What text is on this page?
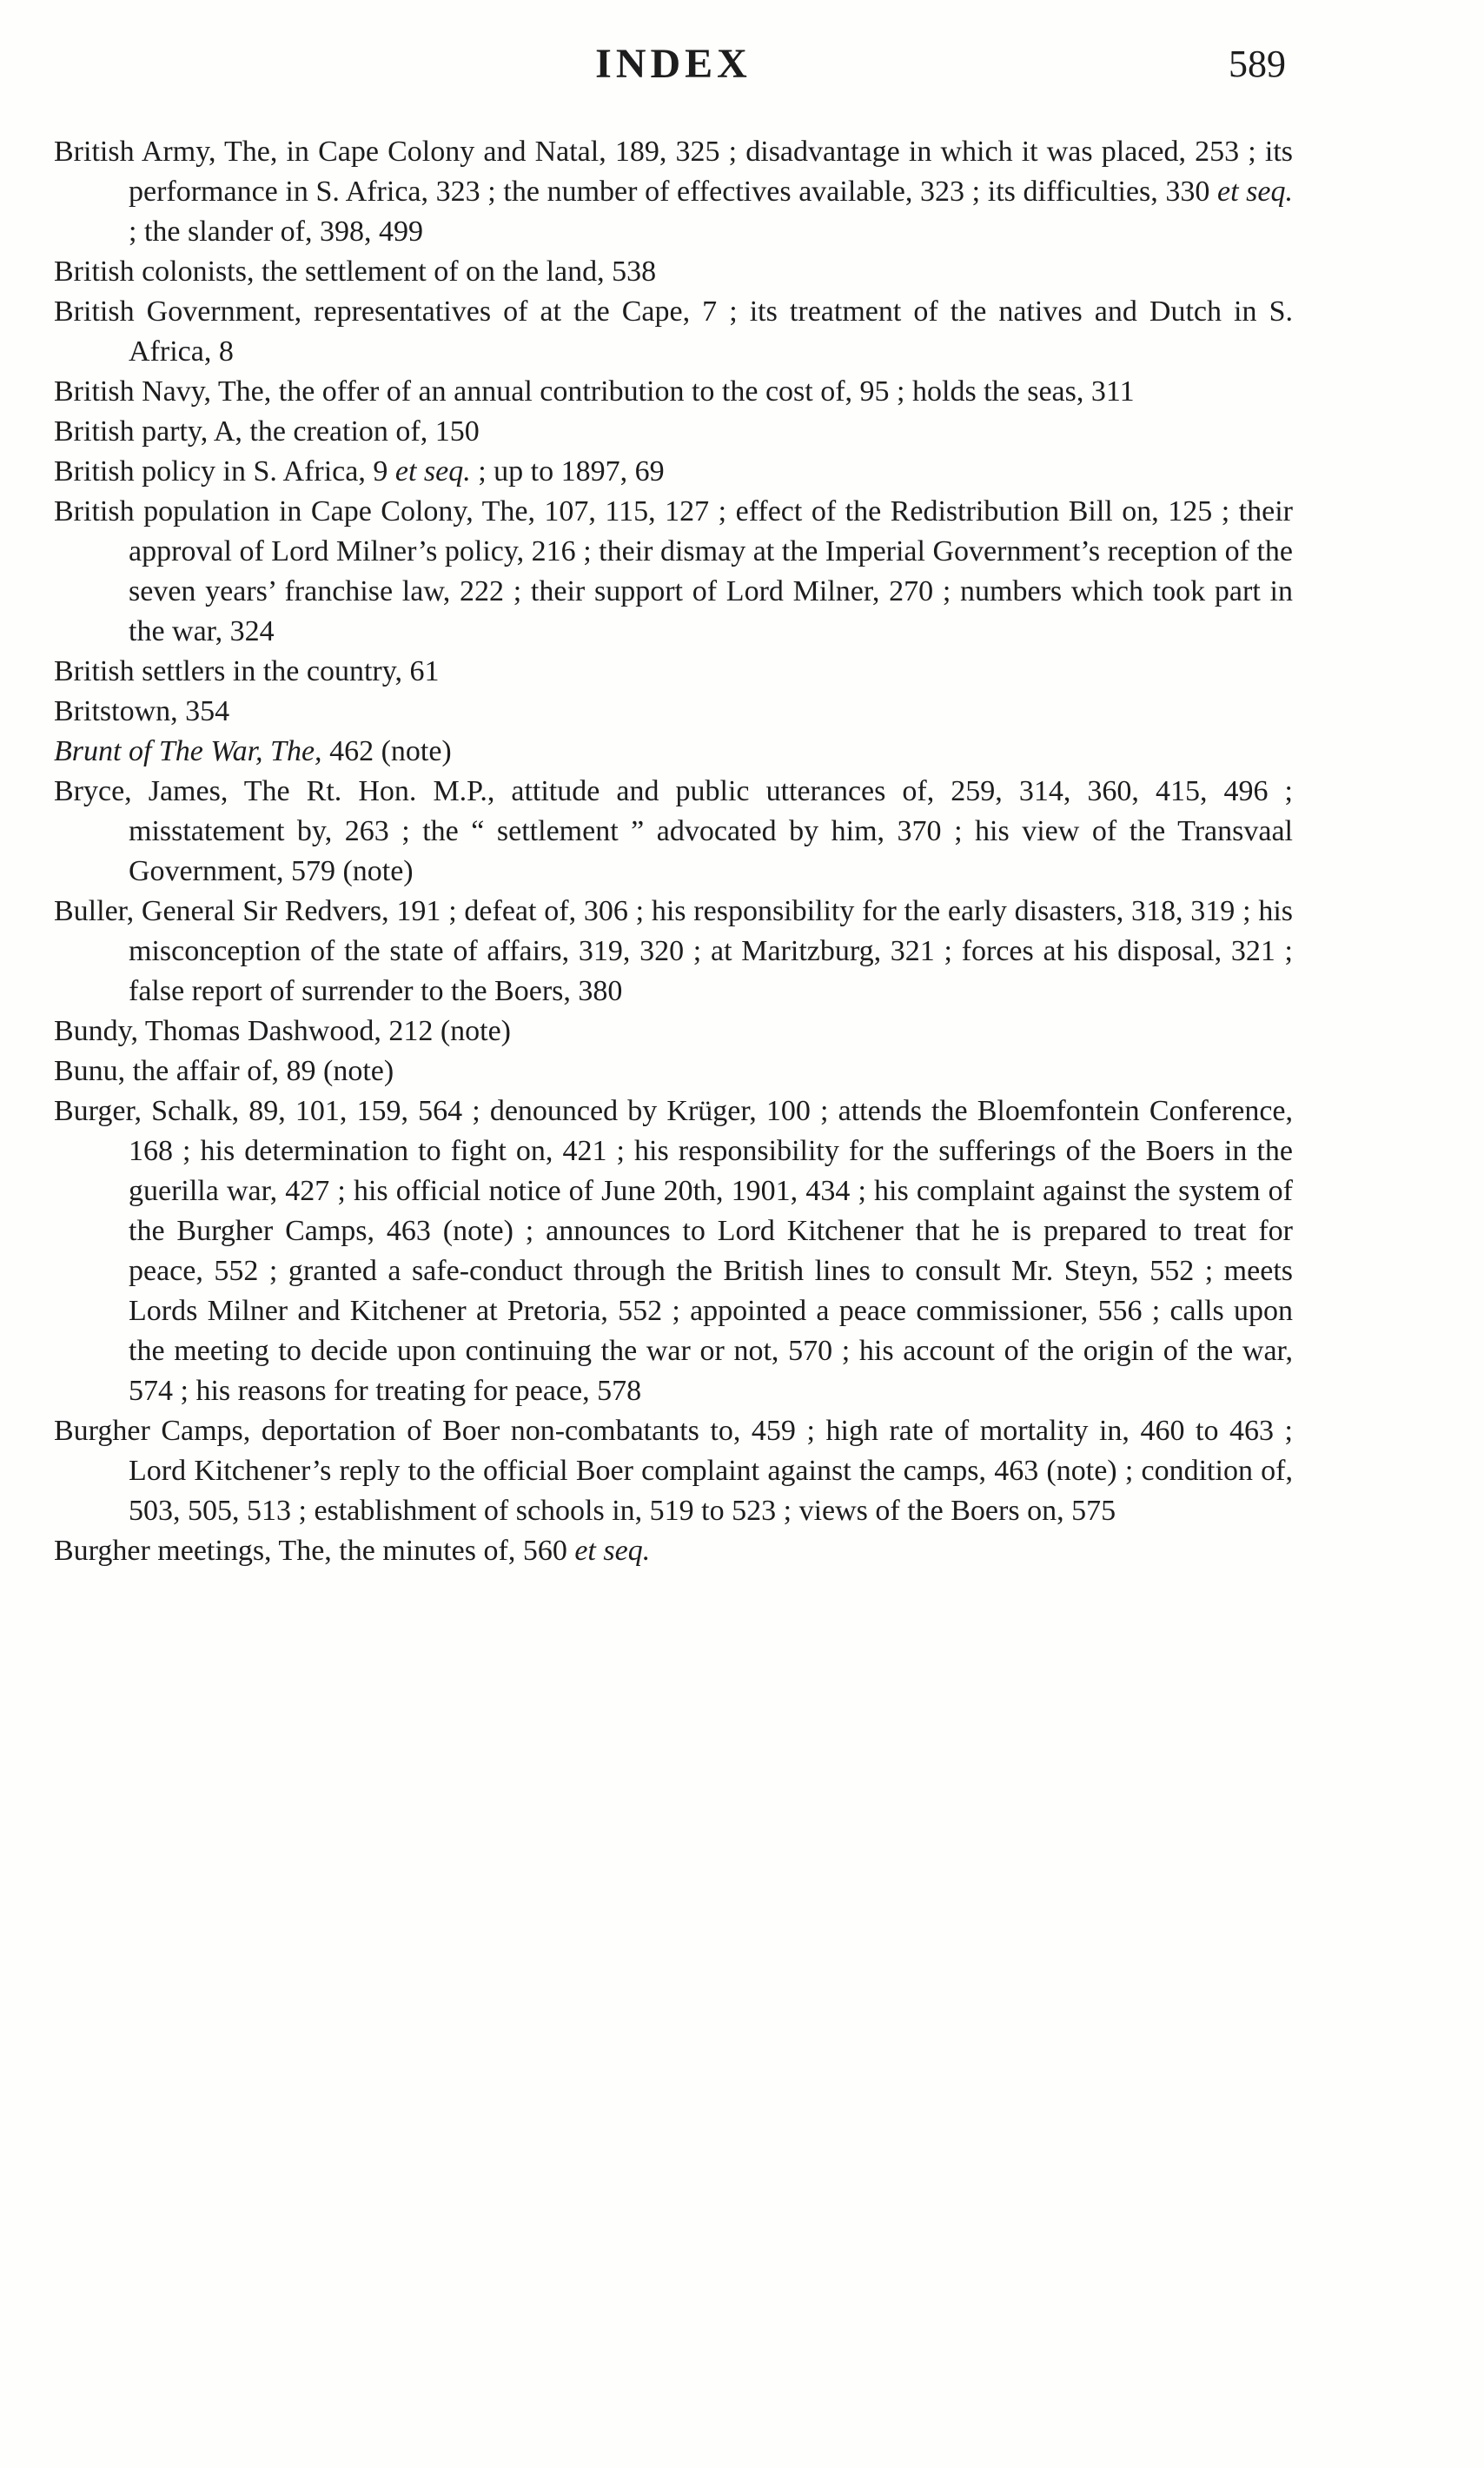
INDEX	589

British Army, The, in Cape Colony and Natal, 189, 325 ; disadvantage in which it was placed, 253 ; its performance in S. Africa, 323 ; the number of effectives available, 323 ; its difficulties, 330 et seq. ; the slander of, 398, 499

British colonists, the settlement of on the land, 538

British Government, representatives of at the Cape, 7 ; its treatment of the natives and Dutch in S. Africa, 8

British Navy, The, the offer of an annual contribution to the cost of, 95 ; holds the seas, 311

British party, A, the creation of, 150

British policy in S. Africa, 9 et seq. ; up to 1897, 69

British population in Cape Colony, The, 107, 115, 127 ; effect of the Redistribution Bill on, 125 ; their approval of Lord Milner’s policy, 216 ; their dismay at the Imperial Government’s reception of the seven years’ franchise law, 222 ; their support of Lord Milner, 270 ; numbers which took part in the war, 324

British settlers in the country, 61

Britstown, 354

Brunt of The War, The, 462 (note)

Bryce, James, The Rt. Hon. M.P., attitude and public utterances of, 259, 314, 360, 415, 496 ; misstatement by, 263 ; the “ settlement ” advocated by him, 370 ; his view of the Transvaal Government, 579 (note)

Buller, General Sir Redvers, 191 ; defeat of, 306 ; his responsibility for the early disasters, 318, 319 ; his misconception of the state of affairs, 319, 320 ; at Maritzburg, 321 ; forces at his disposal, 321 ; false report of surrender to the Boers, 380

Bundy, Thomas Dashwood, 212 (note)

Bunu, the affair of, 89 (note)

Burger, Schalk, 89, 101, 159, 564 ; denounced by Krüger, 100 ; attends the Bloemfontein Conference, 168 ; his determination to fight on, 421 ; his responsibility for the sufferings of the Boers in the guerilla war, 427 ; his official notice of June 20th, 1901, 434 ; his complaint against the system of the Burgher Camps, 463 (note) ; announces to Lord Kitchener that he is prepared to treat for peace, 552 ; granted a safe-conduct through the British lines to consult Mr. Steyn, 552 ; meets Lords Milner and Kitchener at Pretoria, 552 ; appointed a peace commissioner, 556 ; calls upon the meeting to decide upon continuing the war or not, 570 ; his account of the origin of the war, 574 ; his reasons for treating for peace, 578

Burgher Camps, deportation of Boer non-combatants to, 459 ; high rate of mortality in, 460 to 463 ; Lord Kitchener’s reply to the official Boer complaint against the camps, 463 (note) ; condition of, 503, 505, 513 ; establishment of schools in, 519 to 523 ; views of the Boers on, 575

Burgher meetings, The, the minutes of, 560 et seq.
